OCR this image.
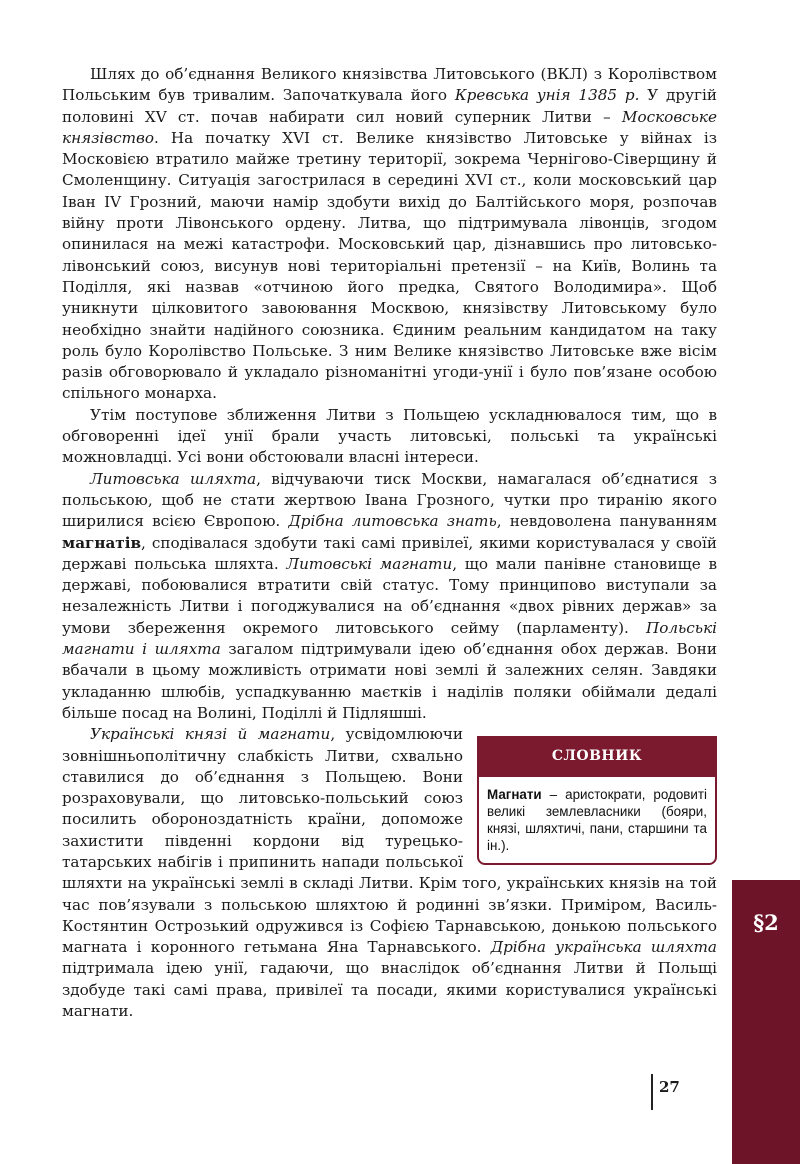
Шлях до об’єднання Великого князівства Литовського (ВКЛ) з Королівством Польським був тривалим. Започаткувала його Кревська унія 1385 р. У другій половині XV ст. почав набирати сил новий суперник Литви – Московське князівство. На початку XVI ст. Велике князівство Литовське у війнах із Московією втратило майже третину території, зокрема Чернігово-Сіверщину й Смоленщину. Ситуація загострилася в середині XVI ст., коли московський цар Іван IV Грозний, маючи намір здобути вихід до Балтійського моря, розпочав війну проти Лівонського ордену. Литва, що підтримувала лівонців, згодом опинилася на межі катастрофи. Московський цар, дізнавшись про литовсько-лівонський союз, висунув нові територіальні претензії – на Київ, Волинь та Поділля, які назвав «отчиною його предка, Святого Володимира». Щоб уникнути цілковитого завоювання Москвою, князівству Литовському було необхідно знайти надійного союзника. Єдиним реальним кандидатом на таку роль було Королівство Польське. З ним Велике князівство Литовське вже вісім разів обговорювало й укладало різноманітні угоди-унії і було пов’язане особою спільного монарха.

Утім поступове зближення Литви з Польщею ускладнювалося тим, що в обговоренні ідеї унії брали участь литовські, польські та українські можновладці. Усі вони обстоювали власні інтереси.

Литовська шляхта, відчуваючи тиск Москви, намагалася об’єднатися з польською, щоб не стати жертвою Івана Грозного, чутки про тиранію якого ширилися всією Європою. Дрібна литовська знать, невдоволена пануванням магнатів, сподівалася здобути такі самі привілеї, якими користувалася у своїй державі польська шляхта. Литовські магнати, що мали панівне становище в державі, побоювалися втратити свій статус. Тому принципово виступали за незалежність Литви і погоджувалися на об’єднання «двох рівних держав» за умови збереження окремого литовського сейму (парламенту). Польські магнати і шляхта загалом підтримували ідею об’єднання обох держав. Вони вбачали в цьому можливість отримати нові землі й залежних селян. Завдяки укладанню шлюбів, успадкуванню маєтків і наділів поляки обіймали дедалі більше посад на Волині, Поділлі й Підляшші.

СЛОВНИК
Магнати – аристократи, родовиті великі землевласники (бояри, князі, шляхтичі, пани, старшини та ін.).
Українські князі й магнати, усвідомлюючи зовнішньополітичну слабкість Литви, схвально ставилися до об’єднання з Польщею. Вони розраховували, що литовсько-польський союз посилить обороноздатність країни, допоможе захистити південні кордони від турецько-татарських набігів і припинить напади польської шляхти на українські землі в складі Литви. Крім того, українських князів на той час пов’язували з польською шляхтою й родинні зв’язки. Приміром, Василь-Костянтин Острозький одружився із Софією Тарнавською, донькою польського магната і коронного гетьмана Яна Тарнавського. Дрібна українська шляхта підтримала ідею унії, гадаючи, що внаслідок об’єднання Литви й Польщі здобуде такі самі права, привілеї та посади, якими користувалися українські магнати.

§2
27
